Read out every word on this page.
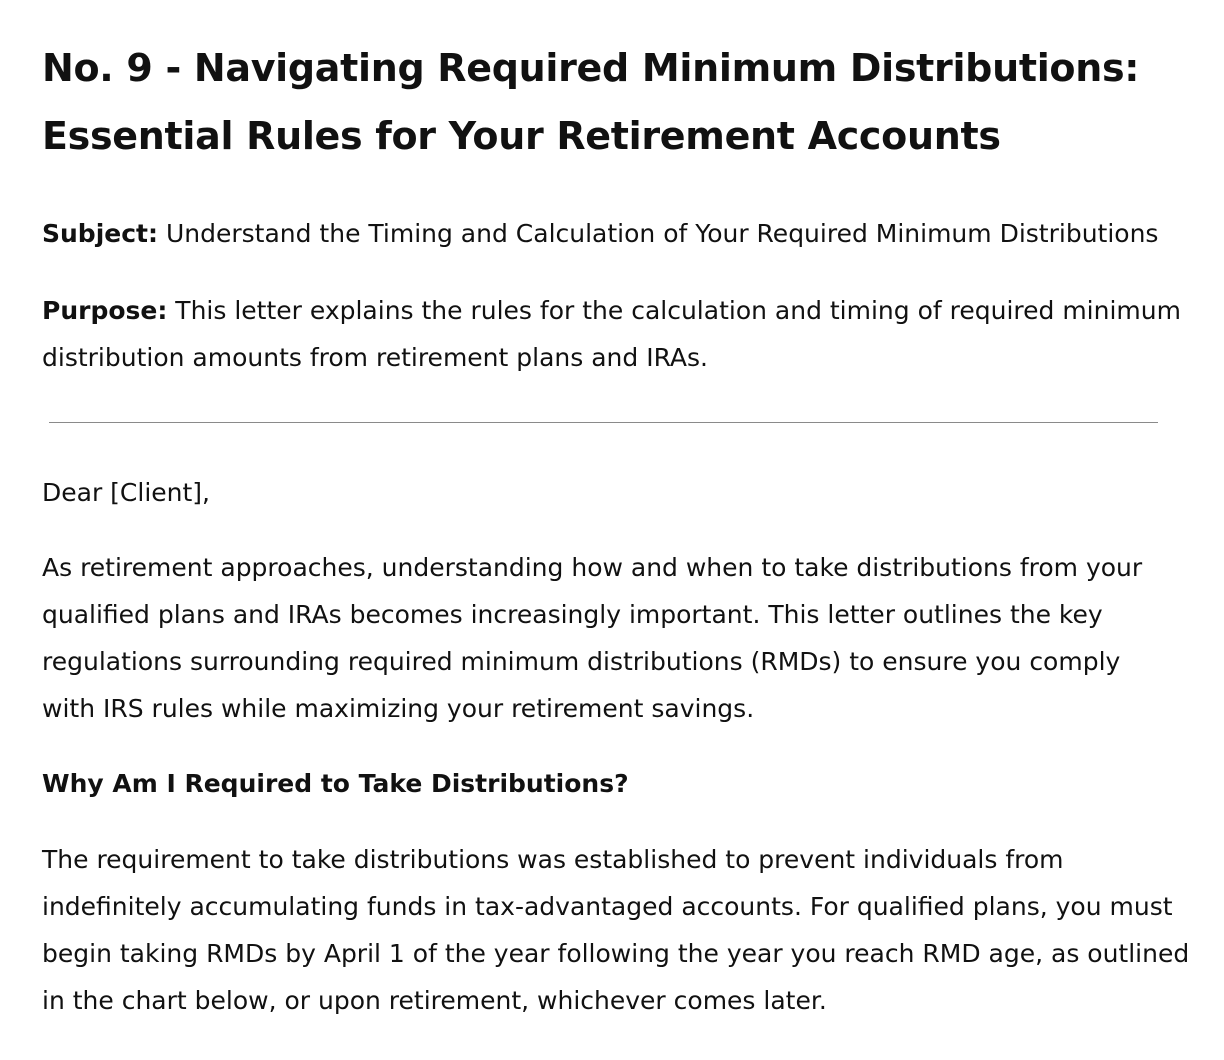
No. 9 - Navigating Required Minimum Distributions:
Essential Rules for Your Retirement Accounts

Subject: Understand the Timing and Calculation of Your Required Minimum Distributions

Purpose: This letter explains the rules for the calculation and timing of required minimum
distribution amounts from retirement plans and IRAs.

Dear [Client],

As retirement approaches, understanding how and when to take distributions from your
qualified plans and IRAs becomes increasingly important. This letter outlines the key
regulations surrounding required minimum distributions (RMDs) to ensure you comply
with IRS rules while maximizing your retirement savings.

Why Am I Required to Take Distributions?

The requirement to take distributions was established to prevent individuals from
indefinitely accumulating funds in tax-advantaged accounts. For qualified plans, you must
begin taking RMDs by April 1 of the year following the year you reach RMD age, as outlined
in the chart below, or upon retirement, whichever comes later.
